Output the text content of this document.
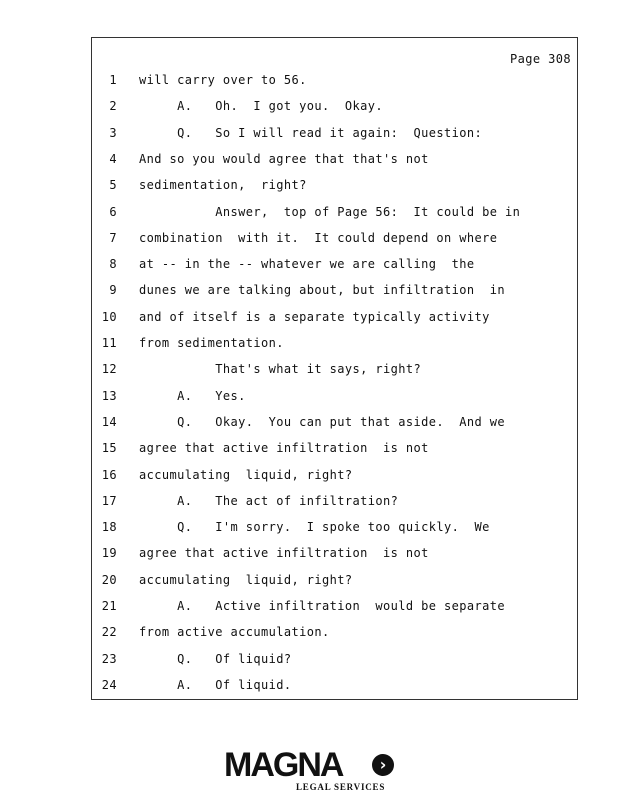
Page 308
1 will carry over to 56.
2 A.   Oh.  I got you.  Okay.
3 Q.   So I will read it again:  Question:
4 And so you would agree that that's not
5 sedimentation,  right?
6 Answer,  top of Page 56:  It could be in
7 combination  with it.  It could depend on where
8 at -- in the -- whatever we are calling  the
9 dunes we are talking about, but infiltration  in
10 and of itself is a separate typically activity
11 from sedimentation.
12 That's what it says, right?
13 A.   Yes.
14 Q.   Okay.  You can put that aside.  And we
15 agree that active infiltration  is not
16 accumulating  liquid, right?
17 A.   The act of infiltration?
18 Q.   I'm sorry.  I spoke too quickly.  We
19 agree that active infiltration  is not
20 accumulating  liquid, right?
21 A.   Active infiltration  would be separate
22 from active accumulation.
23 Q.   Of liquid?
24 A.   Of liquid.
MAGNA	›
LEGAL SERVICES
